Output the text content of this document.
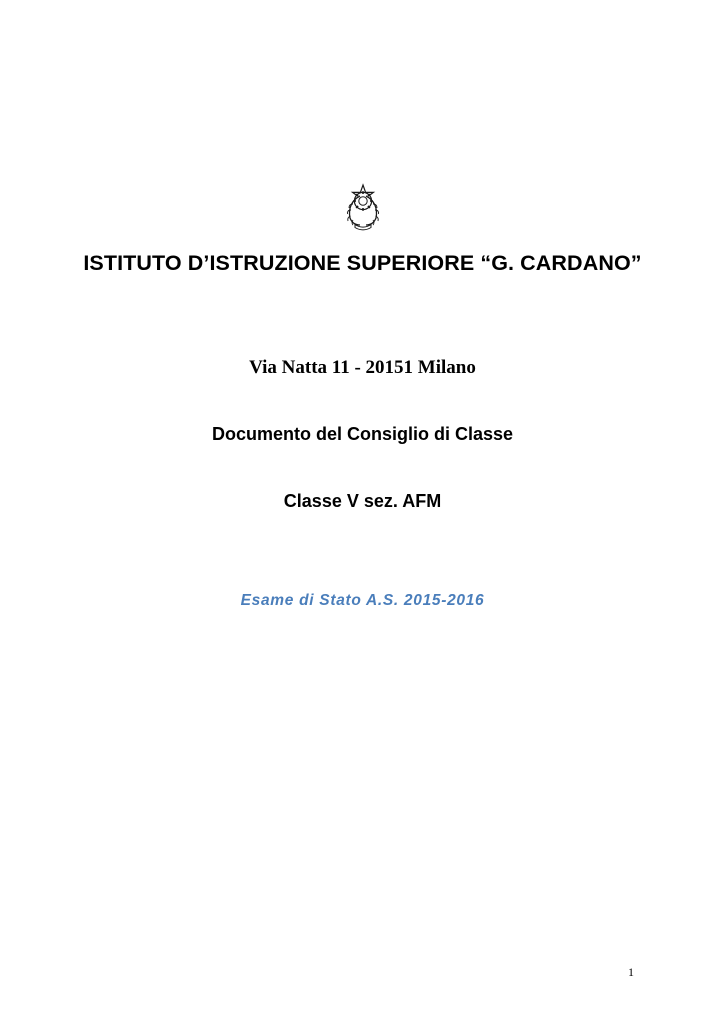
ISTITUTO D’ISTRUZIONE SUPERIORE “G. CARDANO”
Via Natta 11 - 20151 Milano
Documento del Consiglio di Classe
Classe V sez. AFM
Esame di Stato A.S. 2015-2016
1
